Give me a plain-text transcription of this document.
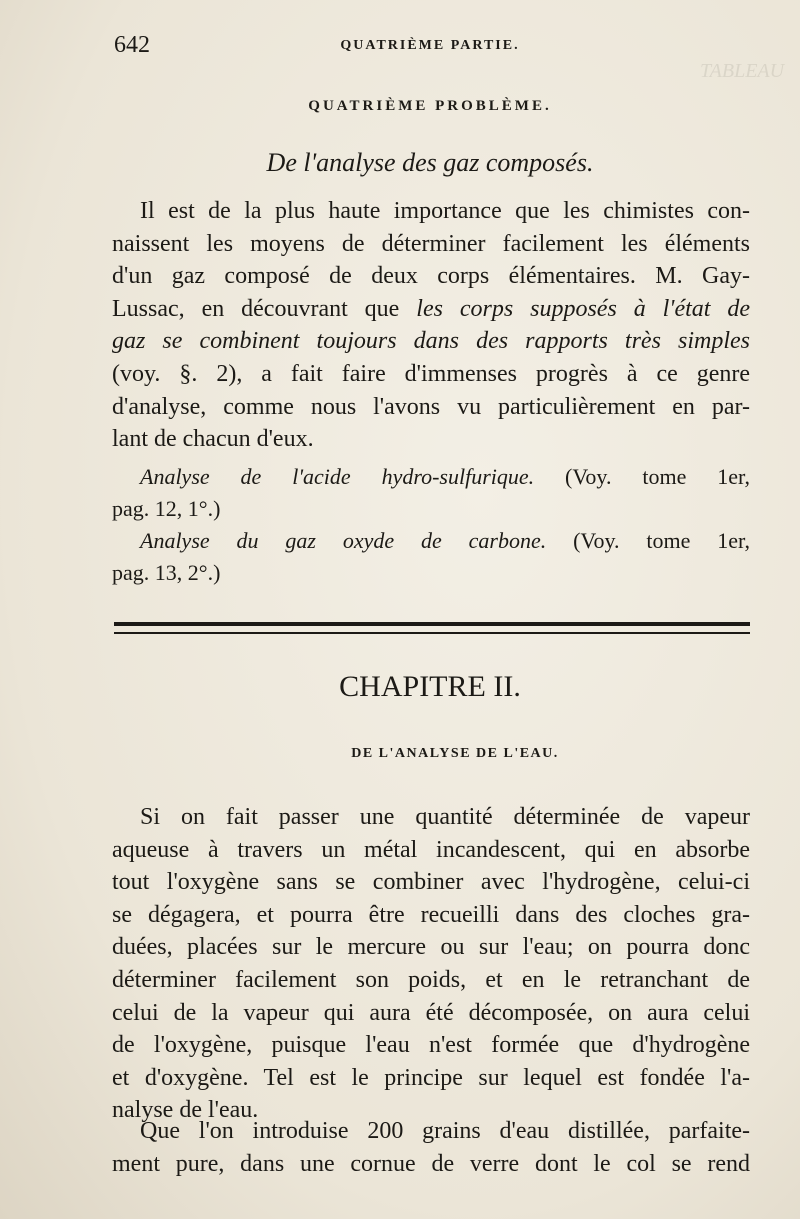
TABLEAU
642	QUATRIÈME PARTIE.
QUATRIÈME PROBLÈME.
De l'analyse des gaz composés.
Il est de la plus haute importance que les chimistes con-
naissent les moyens de déterminer facilement les éléments
d'un gaz composé de deux corps élémentaires. M. Gay-
Lussac, en découvrant que les corps supposés à l'état de
gaz se combinent toujours dans des rapports très simples
(voy. §. 2), a fait faire d'immenses progrès à ce genre
d'analyse, comme nous l'avons vu particulièrement en par-
lant de chacun d'eux.
Analyse de l'acide hydro-sulfurique. (Voy. tome 1er,
pag. 12, 1°.)
Analyse du gaz oxyde de carbone. (Voy. tome 1er,
pag. 13, 2°.)
CHAPITRE II.
DE L'ANALYSE DE L'EAU.
Si on fait passer une quantité déterminée de vapeur
aqueuse à travers un métal incandescent, qui en absorbe
tout l'oxygène sans se combiner avec l'hydrogène, celui-ci
se dégagera, et pourra être recueilli dans des cloches gra-
duées, placées sur le mercure ou sur l'eau; on pourra donc
déterminer facilement son poids, et en le retranchant de
celui de la vapeur qui aura été décomposée, on aura celui
de l'oxygène, puisque l'eau n'est formée que d'hydrogène
et d'oxygène. Tel est le principe sur lequel est fondée l'a-
nalyse de l'eau.
Que l'on introduise 200 grains d'eau distillée, parfaite-
ment pure, dans une cornue de verre dont le col se rend
